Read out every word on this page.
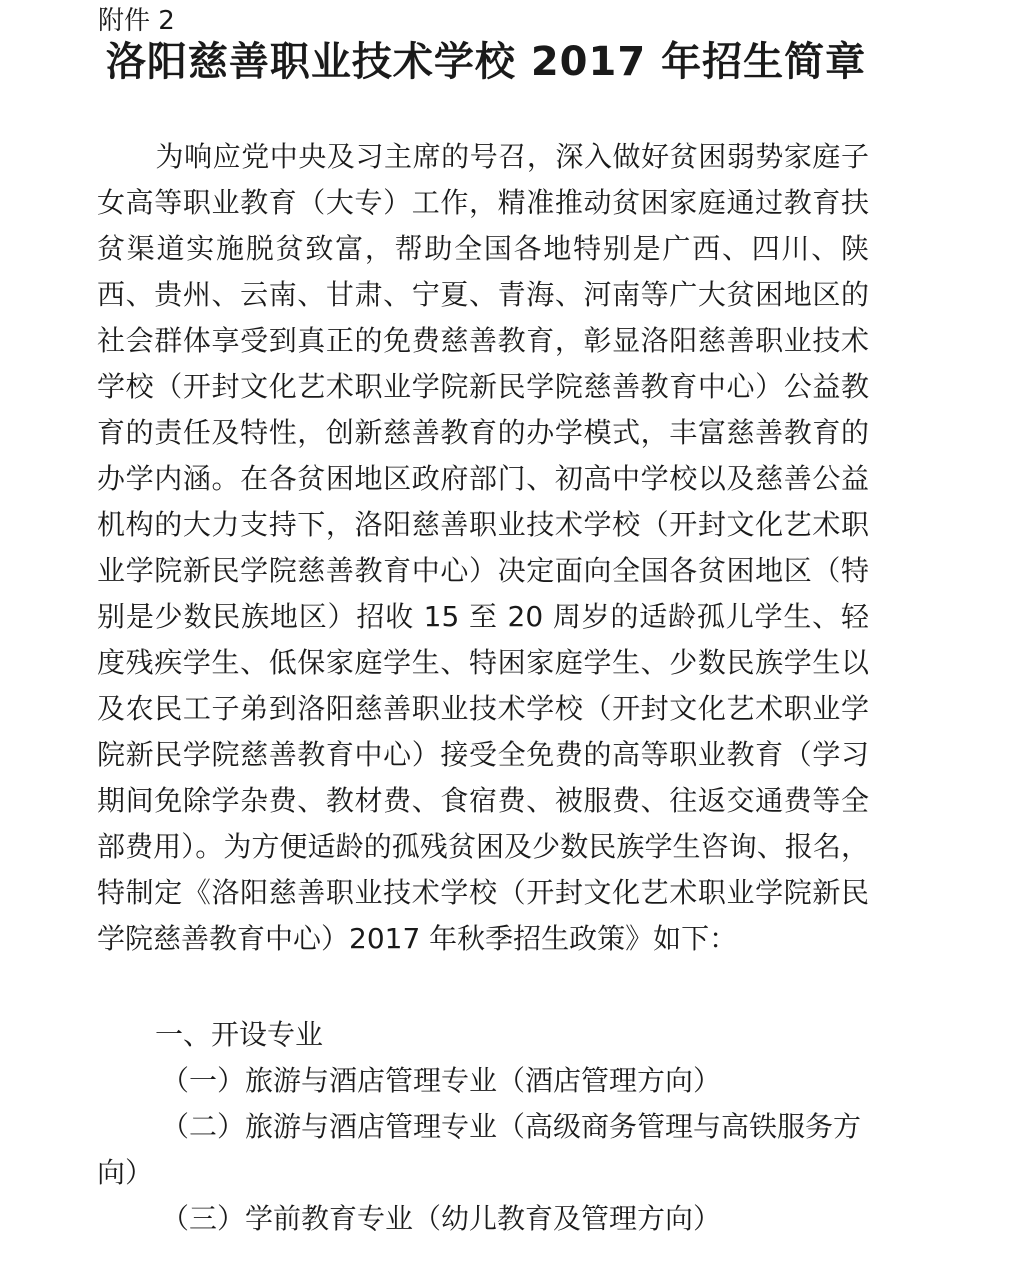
附件 2
洛阳慈善职业技术学校 2017 年招生简章

为响应党中央及习主席的号召，深入做好贫困弱势家庭子女高等职业教育（大专）工作，精准推动贫困家庭通过教育扶贫渠道实施脱贫致富，帮助全国各地特别是广西、四川、陕西、贵州、云南、甘肃、宁夏、青海、河南等广大贫困地区的社会群体享受到真正的免费慈善教育，彰显洛阳慈善职业技术学校（开封文化艺术职业学院新民学院慈善教育中心）公益教育的责任及特性，创新慈善教育的办学模式，丰富慈善教育的办学内涵。在各贫困地区政府部门、初高中学校以及慈善公益机构的大力支持下，洛阳慈善职业技术学校（开封文化艺术职业学院新民学院慈善教育中心）决定面向全国各贫困地区（特别是少数民族地区）招收 15 至 20 周岁的适龄孤儿学生、轻度残疾学生、低保家庭学生、特困家庭学生、少数民族学生以及农民工子弟到洛阳慈善职业技术学校（开封文化艺术职业学院新民学院慈善教育中心）接受全免费的高等职业教育（学习期间免除学杂费、教材费、食宿费、被服费、往返交通费等全部费用）。为方便适龄的孤残贫困及少数民族学生咨询、报名，特制定《洛阳慈善职业技术学校（开封文化艺术职业学院新民学院慈善教育中心）2017 年秋季招生政策》如下：

一、开设专业

（一）旅游与酒店管理专业（酒店管理方向）

（二）旅游与酒店管理专业（高级商务管理与高铁服务方向）

（三）学前教育专业（幼儿教育及管理方向）
